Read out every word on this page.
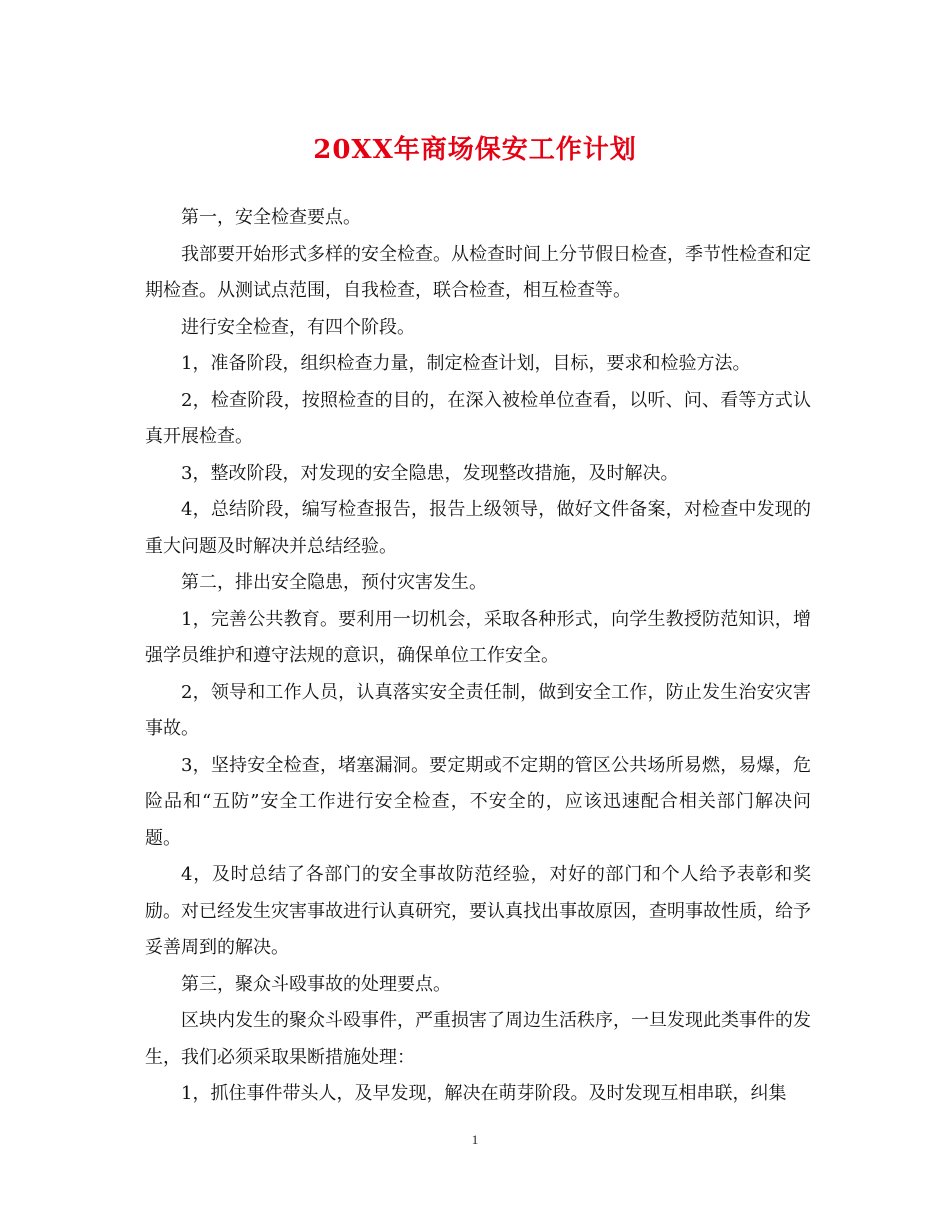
20XX年商场保安工作计划

第一，安全检查要点。

我部要开始形式多样的安全检查。从检查时间上分节假日检查，季节性检查和定期检查。从测试点范围，自我检查，联合检查，相互检查等。

进行安全检查，有四个阶段。

1，准备阶段，组织检查力量，制定检查计划，目标，要求和检验方法。

2，检查阶段，按照检查的目的，在深入被检单位查看，以听、问、看等方式认真开展检查。

3，整改阶段，对发现的安全隐患，发现整改措施，及时解决。

4，总结阶段，编写检查报告，报告上级领导，做好文件备案，对检查中发现的重大问题及时解决并总结经验。

第二，排出安全隐患，预付灾害发生。

1，完善公共教育。要利用一切机会，采取各种形式，向学生教授防范知识，增强学员维护和遵守法规的意识，确保单位工作安全。

2，领导和工作人员，认真落实安全责任制，做到安全工作，防止发生治安灾害事故。

3，坚持安全检查，堵塞漏洞。要定期或不定期的管区公共场所易燃，易爆，危险品和“五防”安全工作进行安全检查，不安全的，应该迅速配合相关部门解决问题。

4，及时总结了各部门的安全事故防范经验，对好的部门和个人给予表彰和奖励。对已经发生灾害事故进行认真研究，要认真找出事故原因，查明事故性质，给予妥善周到的解决。

第三，聚众斗殴事故的处理要点。

区块内发生的聚众斗殴事件，严重损害了周边生活秩序，一旦发现此类事件的发生，我们必须采取果断措施处理：

1，抓住事件带头人，及早发现，解决在萌芽阶段。及时发现互相串联，纠集

1
